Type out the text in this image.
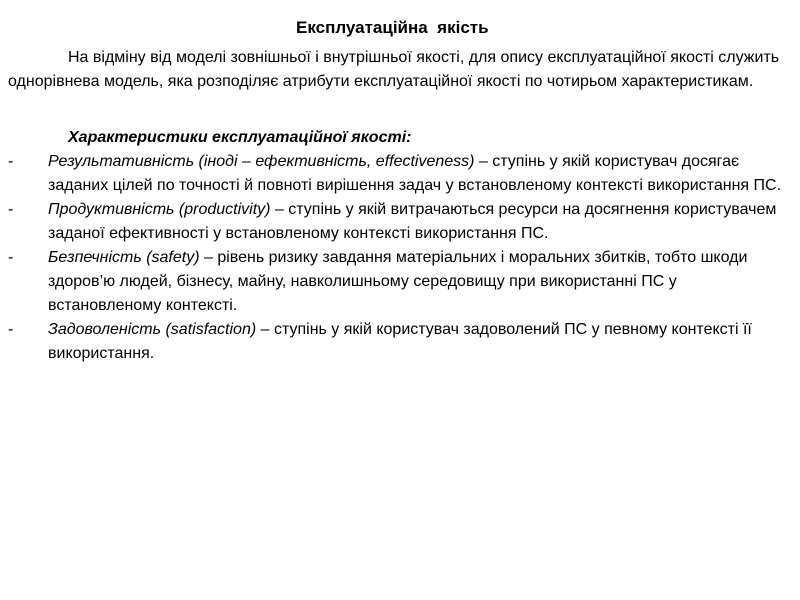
Експлуатаційна  якість

На відміну від моделі зовнішньої і внутрішньої якості, для опису експлуатаційної якості служить однорівнева модель, яка розподіляє атрибути експлуатаційної якості по чотирьом характеристикам.

Характеристики експлуатаційної якості:
- Результативність (іноді – ефективність, effectiveness) – ступінь у якій користувач досягає заданих цілей по точності й повноті вирішення задач у встановленому контексті використання ПС.
- Продуктивність (productivity) – ступінь у якій витрачаються ресурси на досягнення користувачем заданої ефективності у встановленому контексті використання ПС.
- Безпечність (safety) – рівень ризику завдання матеріальних і моральних збитків, тобто шкоди здоров’ю людей, бізнесу, майну, навколишньому середовищу при використанні ПС у встановленому контексті.
- Задоволеність (satisfaction) – ступінь у якій користувач задоволений ПС у певному контексті її використання.
